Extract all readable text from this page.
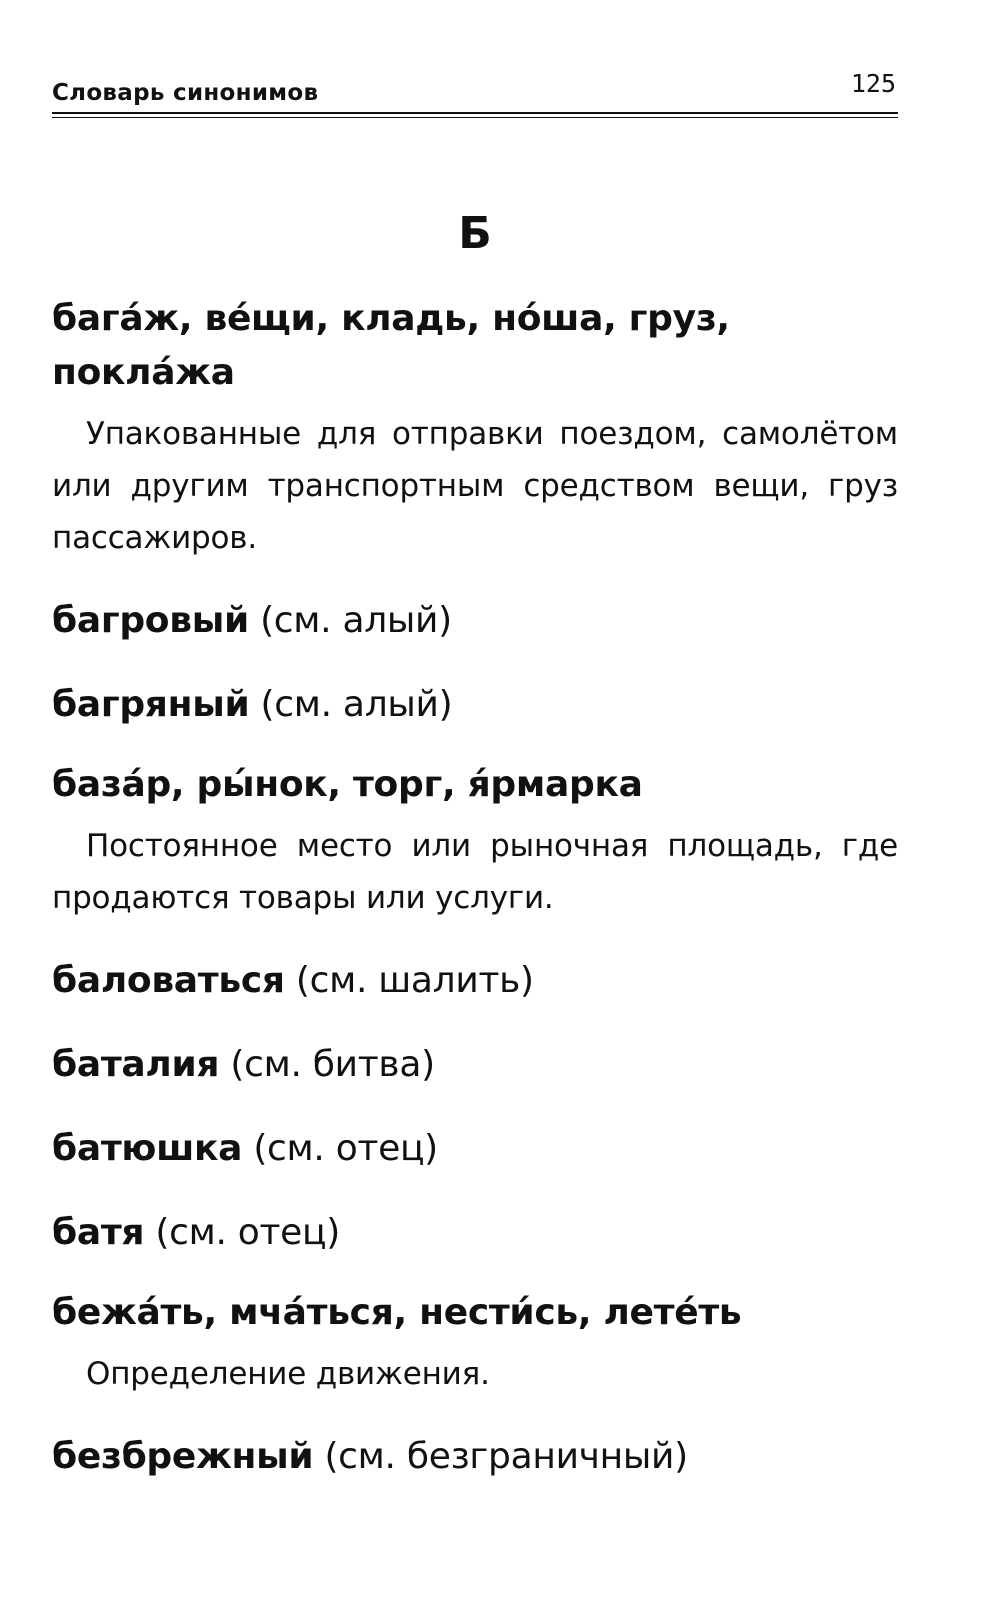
Словарь синонимов	125
Б
бага́ж, ве́щи, кладь, но́ша, груз, покла́жа
Упакованные для отправки поездом, самолётом или другим транспортным средством вещи, груз пассажиров.
багровый (см. алый)
багряный (см. алый)
база́р, ры́нок, торг, я́рмарка
Постоянное место или рыночная площадь, где продаются товары или услуги.
баловаться (см. шалить)
баталия (см. битва)
батюшка (см. отец)
батя (см. отец)
бежа́ть, мча́ться, нести́сь, лете́ть
Определение движения.
безбрежный (см. безграничный)
